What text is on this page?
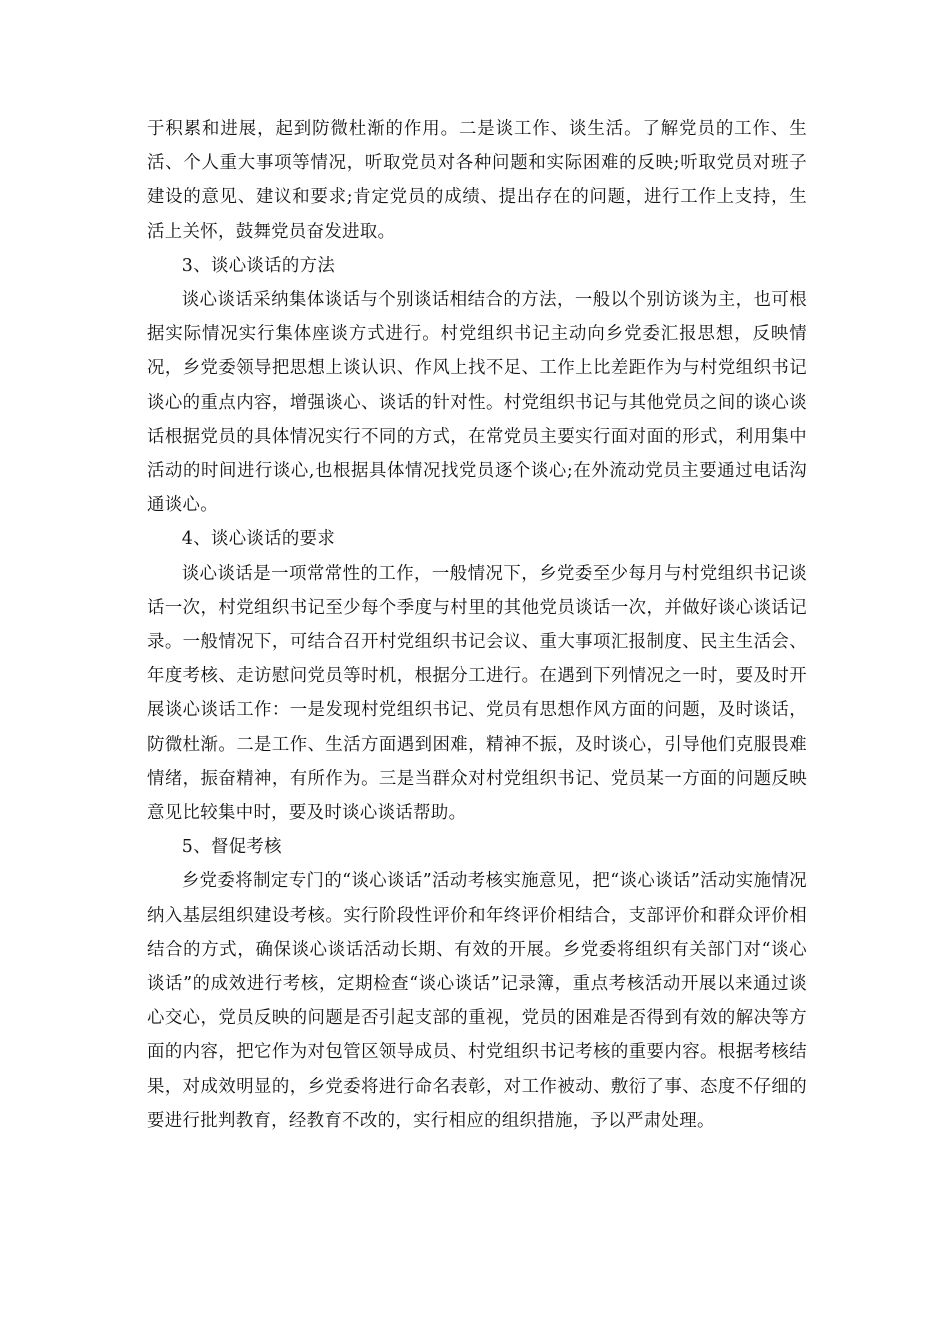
于积累和进展，起到防微杜渐的作用。二是谈工作、谈生活。了解党员的工作、生活、个人重大事项等情况，听取党员对各种问题和实际困难的反映;听取党员对班子建设的意见、建议和要求;肯定党员的成绩、提出存在的问题，进行工作上支持，生活上关怀，鼓舞党员奋发进取。

3、谈心谈话的方法

谈心谈话采纳集体谈话与个别谈话相结合的方法，一般以个别访谈为主，也可根据实际情况实行集体座谈方式进行。村党组织书记主动向乡党委汇报思想，反映情况，乡党委领导把思想上谈认识、作风上找不足、工作上比差距作为与村党组织书记谈心的重点内容，增强谈心、谈话的针对性。村党组织书记与其他党员之间的谈心谈话根据党员的具体情况实行不同的方式，在常党员主要实行面对面的形式，利用集中活动的时间进行谈心,也根据具体情况找党员逐个谈心;在外流动党员主要通过电话沟通谈心。

4、谈心谈话的要求

谈心谈话是一项常常性的工作，一般情况下，乡党委至少每月与村党组织书记谈话一次，村党组织书记至少每个季度与村里的其他党员谈话一次，并做好谈心谈话记录。一般情况下，可结合召开村党组织书记会议、重大事项汇报制度、民主生活会、年度考核、走访慰问党员等时机，根据分工进行。在遇到下列情况之一时，要及时开展谈心谈话工作：一是发现村党组织书记、党员有思想作风方面的问题，及时谈话，防微杜渐。二是工作、生活方面遇到困难，精神不振，及时谈心，引导他们克服畏难情绪，振奋精神，有所作为。三是当群众对村党组织书记、党员某一方面的问题反映意见比较集中时，要及时谈心谈话帮助。

5、督促考核

乡党委将制定专门的“谈心谈话”活动考核实施意见，把“谈心谈话”活动实施情况纳入基层组织建设考核。实行阶段性评价和年终评价相结合，支部评价和群众评价相结合的方式，确保谈心谈话活动长期、有效的开展。乡党委将组织有关部门对“谈心谈话”的成效进行考核，定期检查“谈心谈话”记录簿，重点考核活动开展以来通过谈心交心，党员反映的问题是否引起支部的重视，党员的困难是否得到有效的解决等方面的内容，把它作为对包管区领导成员、村党组织书记考核的重要内容。根据考核结果，对成效明显的，乡党委将进行命名表彰，对工作被动、敷衍了事、态度不仔细的要进行批判教育，经教育不改的，实行相应的组织措施，予以严肃处理。
